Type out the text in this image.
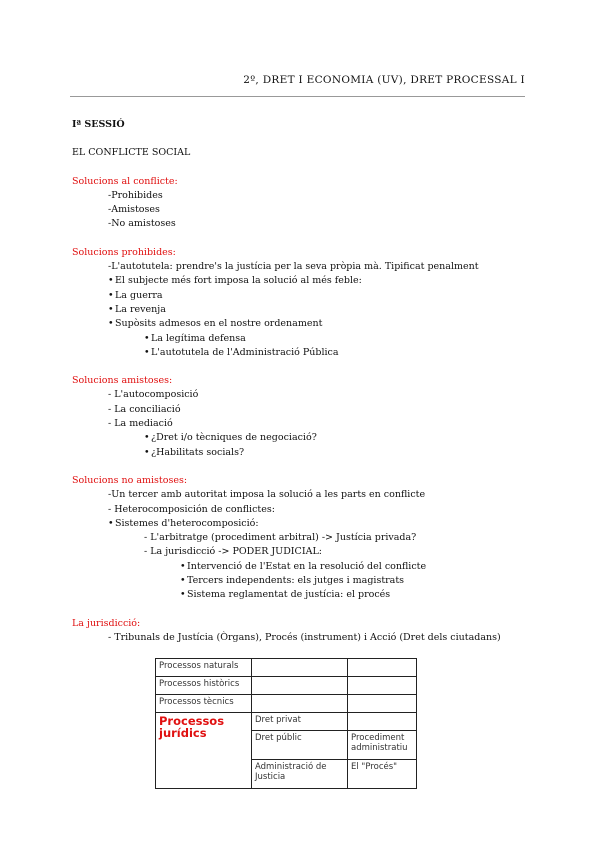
2º, DRET I ECONOMIA (UV), DRET PROCESSAL I
Iª SESSIÓ
EL CONFLICTE SOCIAL
Solucions al conflicte:
-Prohibides
-Amistoses
-No amistoses
Solucions prohibides:
-L'autotutela: prendre's la justícia per la seva pròpia mà. Tipificat penalment
• El subjecte més fort imposa la solució al més feble:
• La guerra
• La revenja
• Supòsits admesos en el nostre ordenament
• La legítima defensa
• L'autotutela de l'Administració Pública
Solucions amistoses:
- L'autocomposició
- La conciliació
- La mediació
• ¿Dret i/o tècniques de negociació?
• ¿Habilitats socials?
Solucions no amistoses:
-Un tercer amb autoritat imposa la solució a les parts en conflicte
- Heterocomposición de conflictes:
• Sistemes d'heterocomposició:
- L'arbitratge (procediment arbitral) -> Justícia privada?
- La jurisdicció -> PODER JUDICIAL:
• Intervenció de l'Estat en la resolució del conflicte
• Tercers independents: els jutges i magistrats
• Sistema reglamentat de justícia: el procés
La jurisdicció:
- Tribunals de Justícia (Òrgans), Procés (instrument) i Acció (Dret dels ciutadans)
Processos naturals		
Processos històrics		
Processos tècnics		

Processos jurídics	Dret privat	
	Dret públic	Procediment administratiu
	Administració de Justicia	El "Procés"
